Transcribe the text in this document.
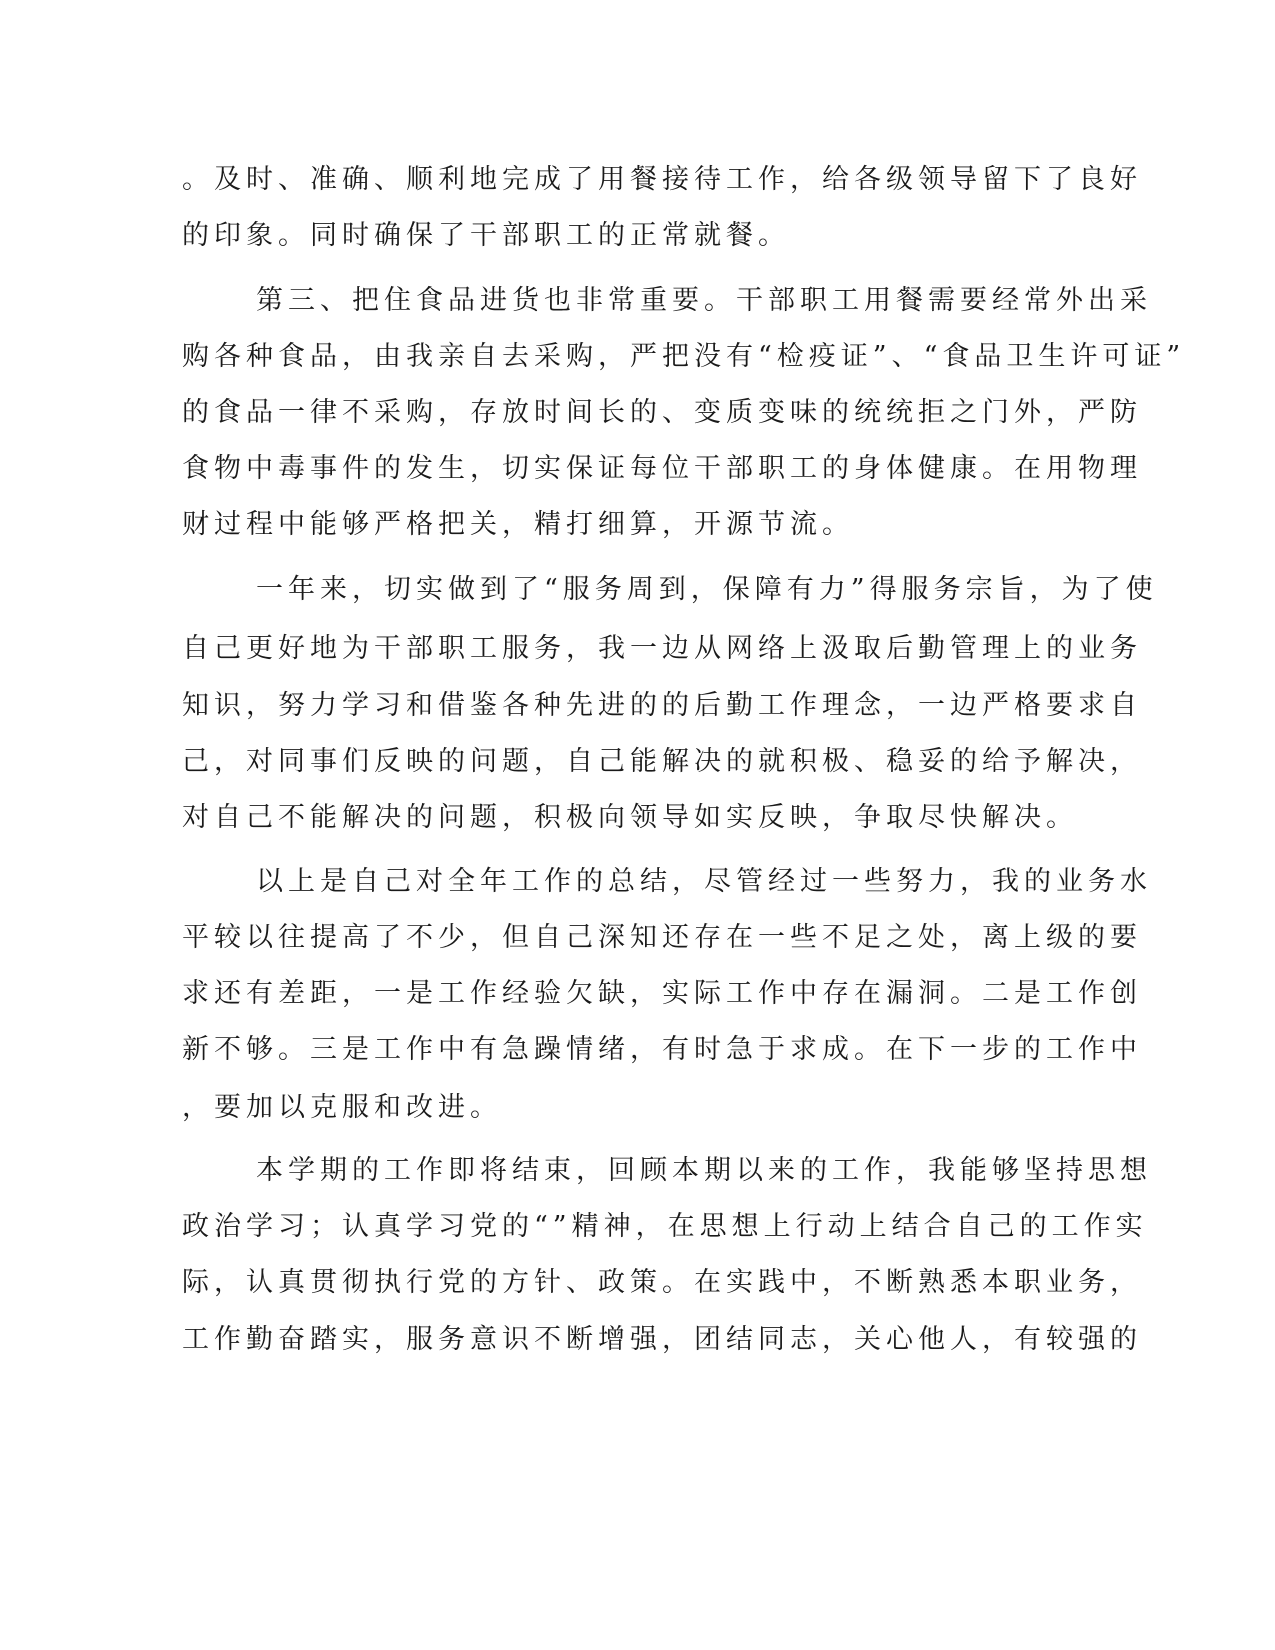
。及时、准确、顺利地完成了用餐接待工作，给各级领导留下了良好

的印象。同时确保了干部职工的正常就餐。

第三、把住食品进货也非常重要。干部职工用餐需要经常外出采

购各种食品，由我亲自去采购，严把没有“检疫证”、“食品卫生许可证”

的食品一律不采购，存放时间长的、变质变味的统统拒之门外，严防

食物中毒事件的发生，切实保证每位干部职工的身体健康。在用物理

财过程中能够严格把关，精打细算，开源节流。

一年来，切实做到了“服务周到，保障有力”得服务宗旨，为了使

自己更好地为干部职工服务，我一边从网络上汲取后勤管理上的业务

知识，努力学习和借鉴各种先进的的后勤工作理念，一边严格要求自

己，对同事们反映的问题，自己能解决的就积极、稳妥的给予解决，

对自己不能解决的问题，积极向领导如实反映，争取尽快解决。

以上是自己对全年工作的总结，尽管经过一些努力，我的业务水

平较以往提高了不少，但自己深知还存在一些不足之处，离上级的要

求还有差距，一是工作经验欠缺，实际工作中存在漏洞。二是工作创

新不够。三是工作中有急躁情绪，有时急于求成。在下一步的工作中

，要加以克服和改进。

本学期的工作即将结束，回顾本期以来的工作，我能够坚持思想

政治学习；认真学习党的“”精神，在思想上行动上结合自己的工作实

际，认真贯彻执行党的方针、政策。在实践中，不断熟悉本职业务，

工作勤奋踏实，服务意识不断增强，团结同志，关心他人，有较强的
